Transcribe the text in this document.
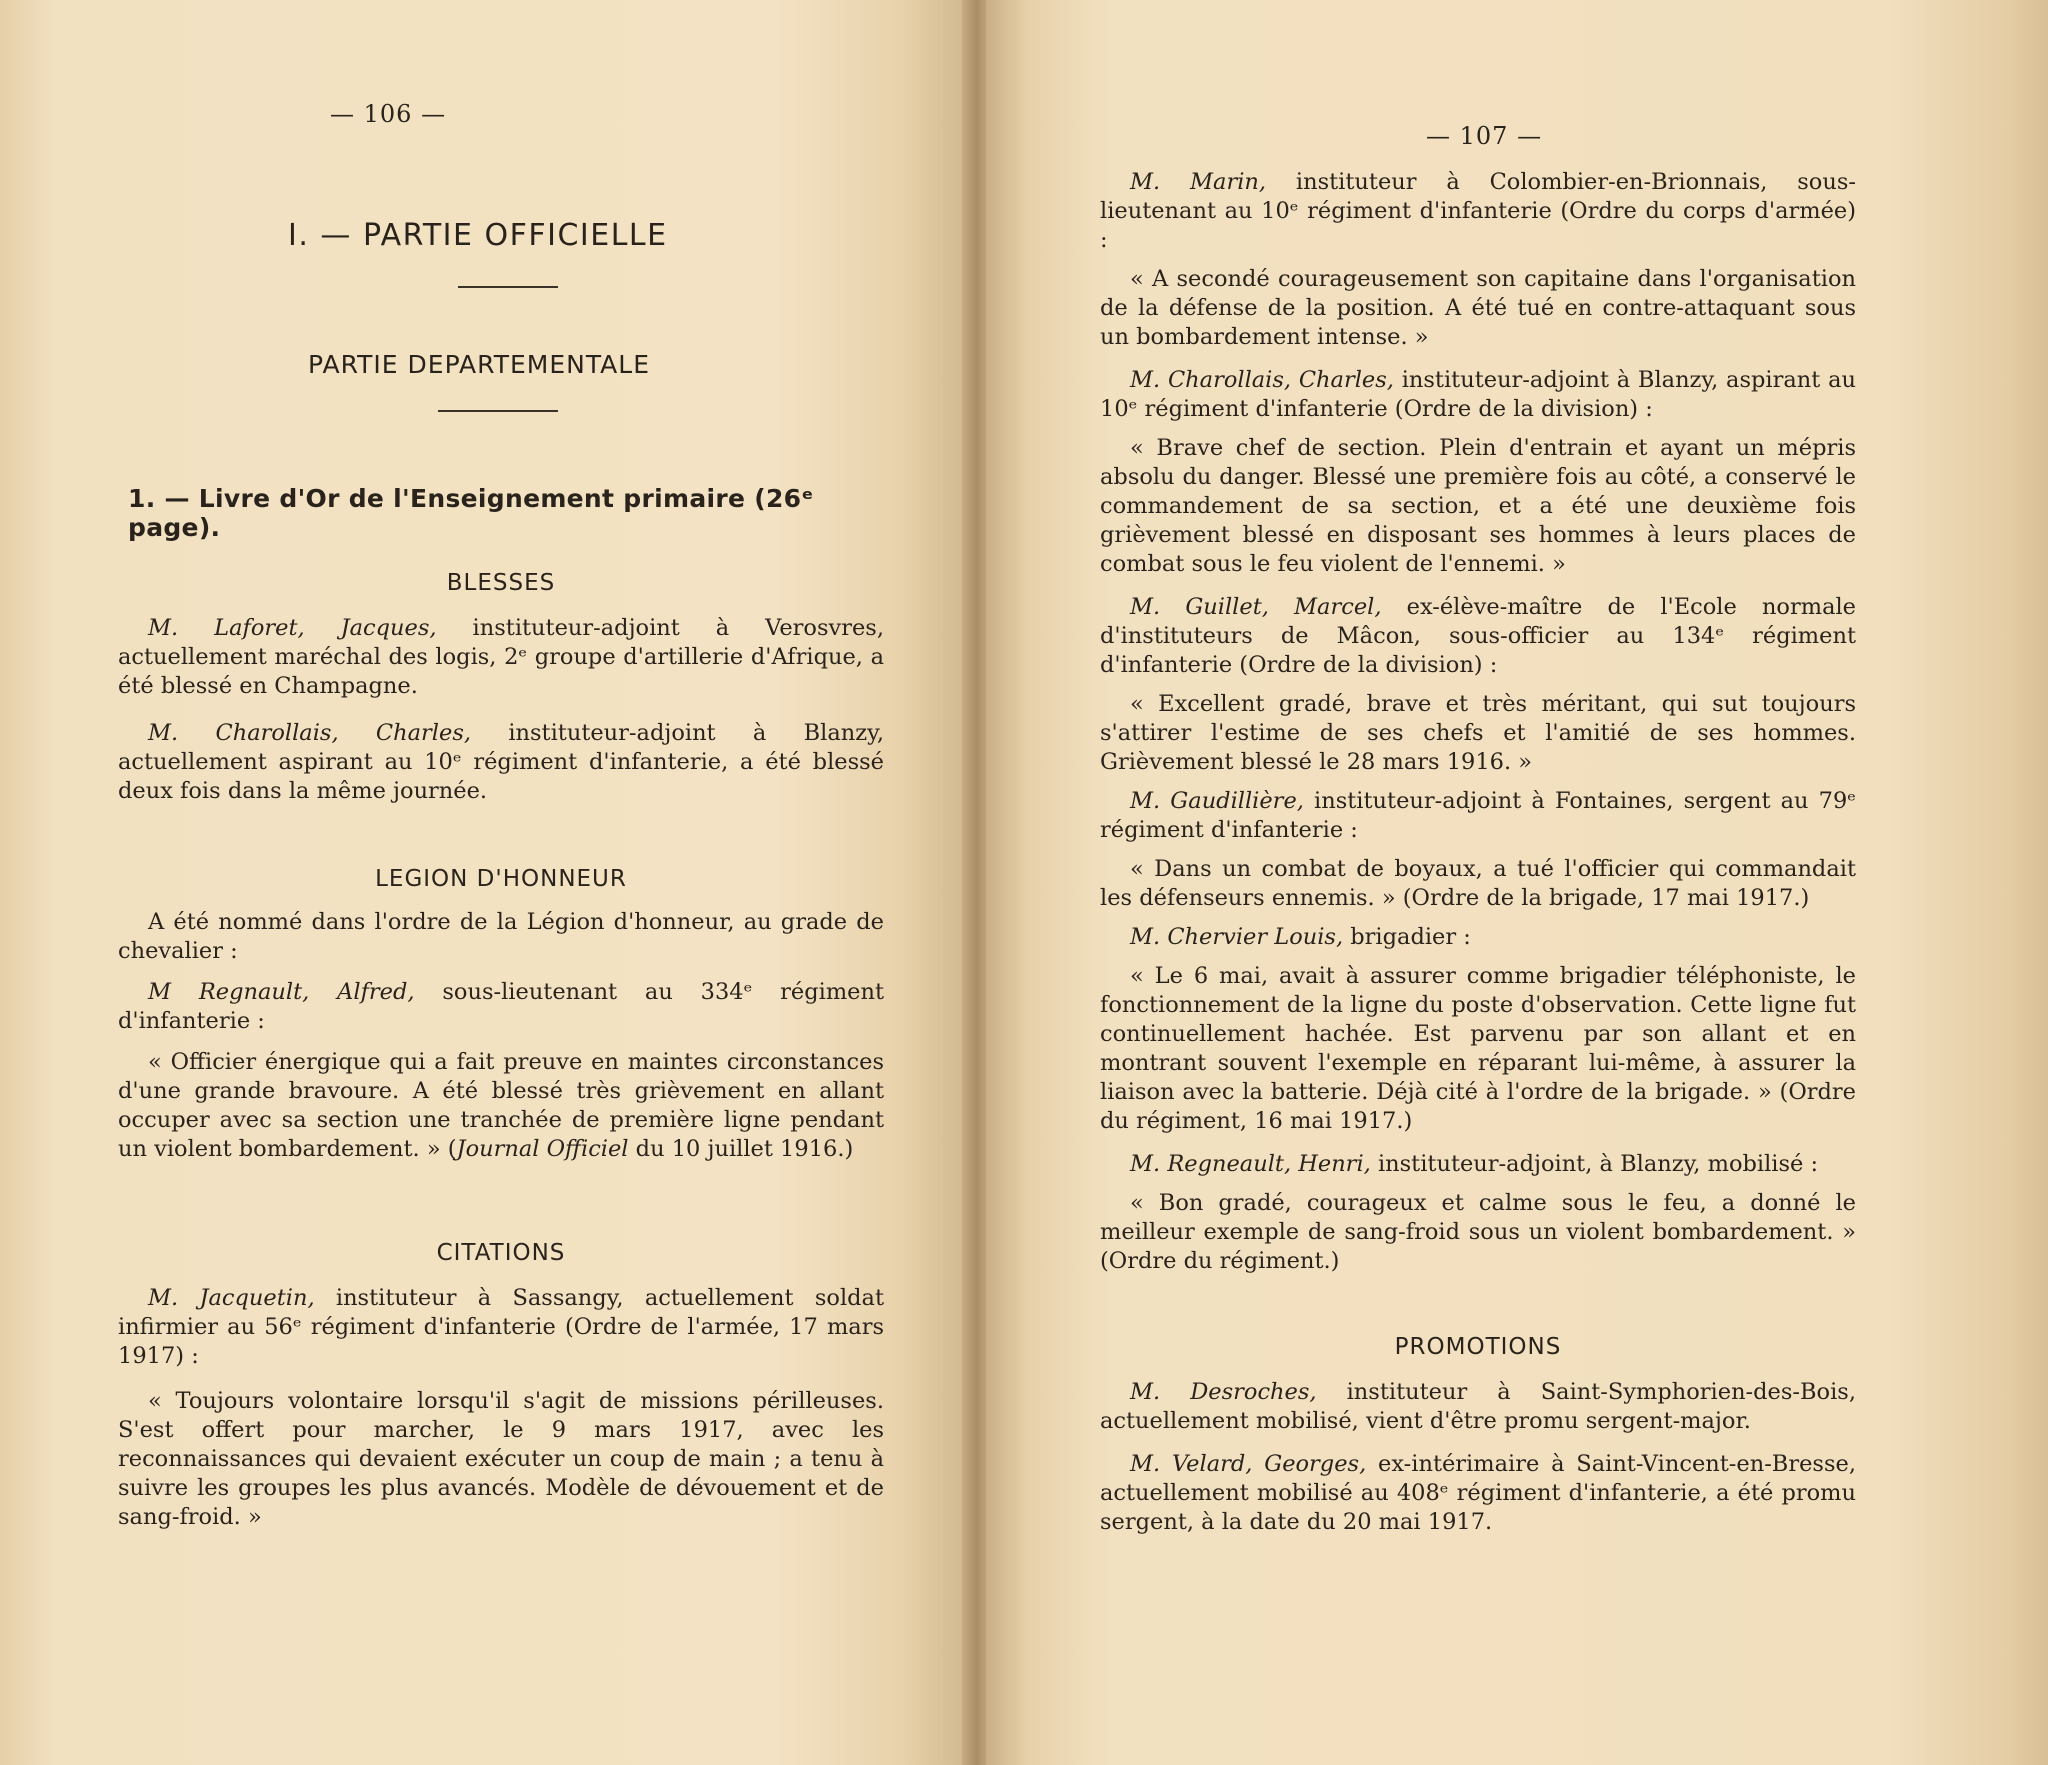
— 106 —
I. — PARTIE OFFICIELLE
PARTIE DEPARTEMENTALE
1. — Livre d'Or de l'Enseignement primaire (26ᵉ page).
BLESSES

M. Laforet, Jacques, instituteur-adjoint à Verosvres, actuellement maréchal des logis, 2ᵉ groupe d'artillerie d'Afrique, a été blessé en Champagne.

M. Charollais, Charles, instituteur-adjoint à Blanzy, actuellement aspirant au 10ᵉ régiment d'infanterie, a été blessé deux fois dans la même journée.

LEGION D'HONNEUR

A été nommé dans l'ordre de la Légion d'honneur, au grade de chevalier :

M Regnault, Alfred, sous-lieutenant au 334ᵉ régiment d'infanterie :

« Officier énergique qui a fait preuve en maintes circonstances d'une grande bravoure. A été blessé très grièvement en allant occuper avec sa section une tranchée de première ligne pendant un violent bombardement. » (Journal Officiel du 10 juillet 1916.)

CITATIONS

M. Jacquetin, instituteur à Sassangy, actuellement soldat infirmier au 56ᵉ régiment d'infanterie (Ordre de l'armée, 17 mars 1917) :

« Toujours volontaire lorsqu'il s'agit de missions périlleuses. S'est offert pour marcher, le 9 mars 1917, avec les reconnaissances qui devaient exécuter un coup de main ; a tenu à suivre les groupes les plus avancés. Modèle de dévouement et de sang-froid. »

— 107 —

M. Marin, instituteur à Colombier-en-Brionnais, sous-lieutenant au 10ᵉ régiment d'infanterie (Ordre du corps d'armée) :

« A secondé courageusement son capitaine dans l'organisation de la défense de la position. A été tué en contre-attaquant sous un bombardement intense. »

M. Charollais, Charles, instituteur-adjoint à Blanzy, aspirant au 10ᵉ régiment d'infanterie (Ordre de la division) :

« Brave chef de section. Plein d'entrain et ayant un mépris absolu du danger. Blessé une première fois au côté, a conservé le commandement de sa section, et a été une deuxième fois grièvement blessé en disposant ses hommes à leurs places de combat sous le feu violent de l'ennemi. »

M. Guillet, Marcel, ex-élève-maître de l'Ecole normale d'instituteurs de Mâcon, sous-officier au 134ᵉ régiment d'infanterie (Ordre de la division) :

« Excellent gradé, brave et très méritant, qui sut toujours s'attirer l'estime de ses chefs et l'amitié de ses hommes. Grièvement blessé le 28 mars 1916. »

M. Gaudillière, instituteur-adjoint à Fontaines, sergent au 79ᵉ régiment d'infanterie :

« Dans un combat de boyaux, a tué l'officier qui commandait les défenseurs ennemis. » (Ordre de la brigade, 17 mai 1917.)

M. Chervier Louis, brigadier :

« Le 6 mai, avait à assurer comme brigadier téléphoniste, le fonctionnement de la ligne du poste d'observation. Cette ligne fut continuellement hachée. Est parvenu par son allant et en montrant souvent l'exemple en réparant lui-même, à assurer la liaison avec la batterie. Déjà cité à l'ordre de la brigade. » (Ordre du régiment, 16 mai 1917.)

M. Regneault, Henri, instituteur-adjoint, à Blanzy, mobilisé :

« Bon gradé, courageux et calme sous le feu, a donné le meilleur exemple de sang-froid sous un violent bombardement. » (Ordre du régiment.)

PROMOTIONS

M. Desroches, instituteur à Saint-Symphorien-des-Bois, actuellement mobilisé, vient d'être promu sergent-major.

M. Velard, Georges, ex-intérimaire à Saint-Vincent-en-Bresse, actuellement mobilisé au 408ᵉ régiment d'infanterie, a été promu sergent, à la date du 20 mai 1917.
